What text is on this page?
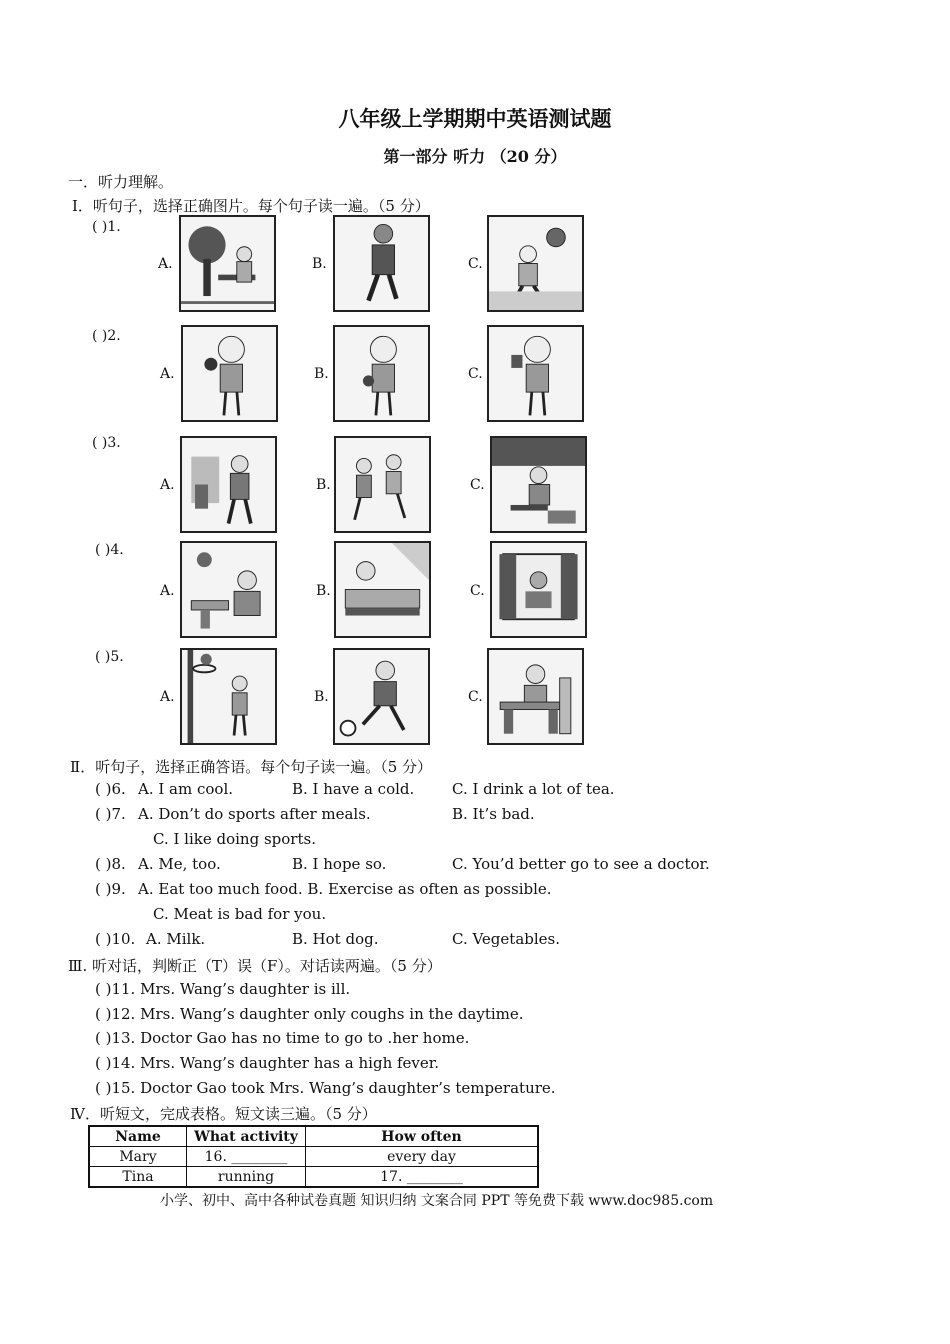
八年级上学期期中英语测试题
第一部分 听力 （20 分）
一．听力理解。
Ⅰ．听句子，选择正确图片。每个句子读一遍。（5 分）
( )1.
A.	B.	C.
( )2.
A.	B.	C.
( )3.
A.	B.	C.
( )4.
A.	B.	C.
( )5.
A.	B.	C.
Ⅱ．听句子，选择正确答语。每个句子读一遍。（5 分）
( )6. A. I am cool.	B. I have a cold.	C. I drink a lot of tea.
( )7. A. Don’t do sports after meals.	B. It’s bad.
C. I like doing sports.
( )8. A. Me, too.	B. I hope so.	C. You’d better go to see a doctor.
( )9. A. Eat too much food. B. Exercise as often as possible.
C. Meat is bad for you.
( )10. A. Milk.	B. Hot dog.	C. Vegetables.
Ⅲ. 听对话，判断正（T）误（F）。对话读两遍。（5 分）
( )11. Mrs. Wang’s daughter is ill.
( )12. Mrs. Wang’s daughter only coughs in the daytime.
( )13. Doctor Gao has no time to go to .her home.
( )14. Mrs. Wang’s daughter has a high fever.
( )15. Doctor Gao took Mrs. Wang’s daughter’s temperature.
Ⅳ．听短文，完成表格。短文读三遍。（5 分）
Name	What activity	How often
Mary	16. ________	every day
Tina	running	17. ________
小学、初中、高中各种试卷真题 知识归纳 文案合同 PPT 等免费下载 www.doc985.com
